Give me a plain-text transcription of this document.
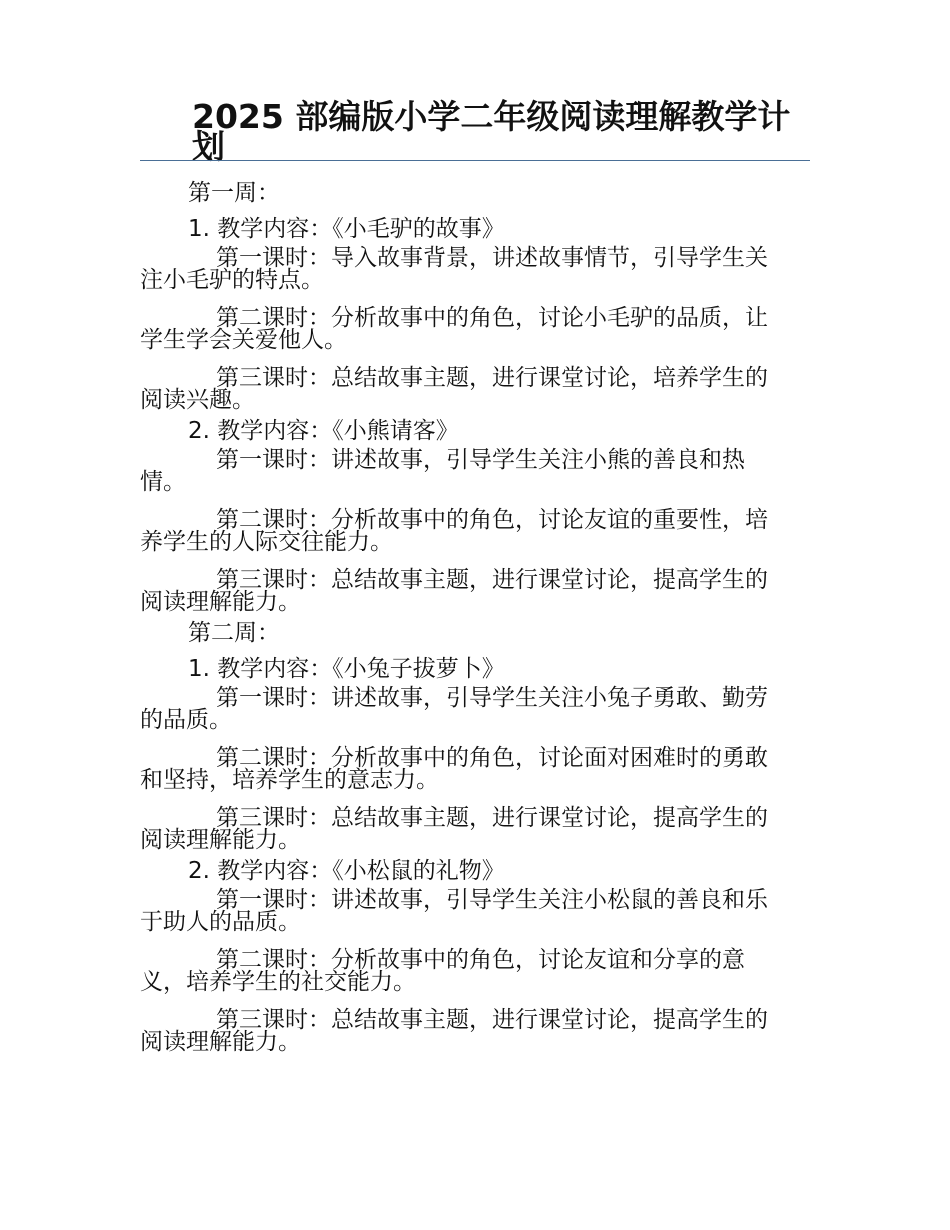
2025 部编版小学二年级阅读理解教学计划

第一周：

1. 教学内容：《小毛驴的故事》

第一课时：导入故事背景，讲述故事情节，引导学生关注小毛驴的特点。

第二课时：分析故事中的角色，讨论小毛驴的品质，让学生学会关爱他人。

第三课时：总结故事主题，进行课堂讨论，培养学生的阅读兴趣。

2. 教学内容：《小熊请客》

第一课时：讲述故事，引导学生关注小熊的善良和热情。

第二课时：分析故事中的角色，讨论友谊的重要性，培养学生的人际交往能力。

第三课时：总结故事主题，进行课堂讨论，提高学生的阅读理解能力。

第二周：

1. 教学内容：《小兔子拔萝卜》

第一课时：讲述故事，引导学生关注小兔子勇敢、勤劳的品质。

第二课时：分析故事中的角色，讨论面对困难时的勇敢和坚持，培养学生的意志力。

第三课时：总结故事主题，进行课堂讨论，提高学生的阅读理解能力。

2. 教学内容：《小松鼠的礼物》

第一课时：讲述故事，引导学生关注小松鼠的善良和乐于助人的品质。

第二课时：分析故事中的角色，讨论友谊和分享的意义，培养学生的社交能力。

第三课时：总结故事主题，进行课堂讨论，提高学生的阅读理解能力。
